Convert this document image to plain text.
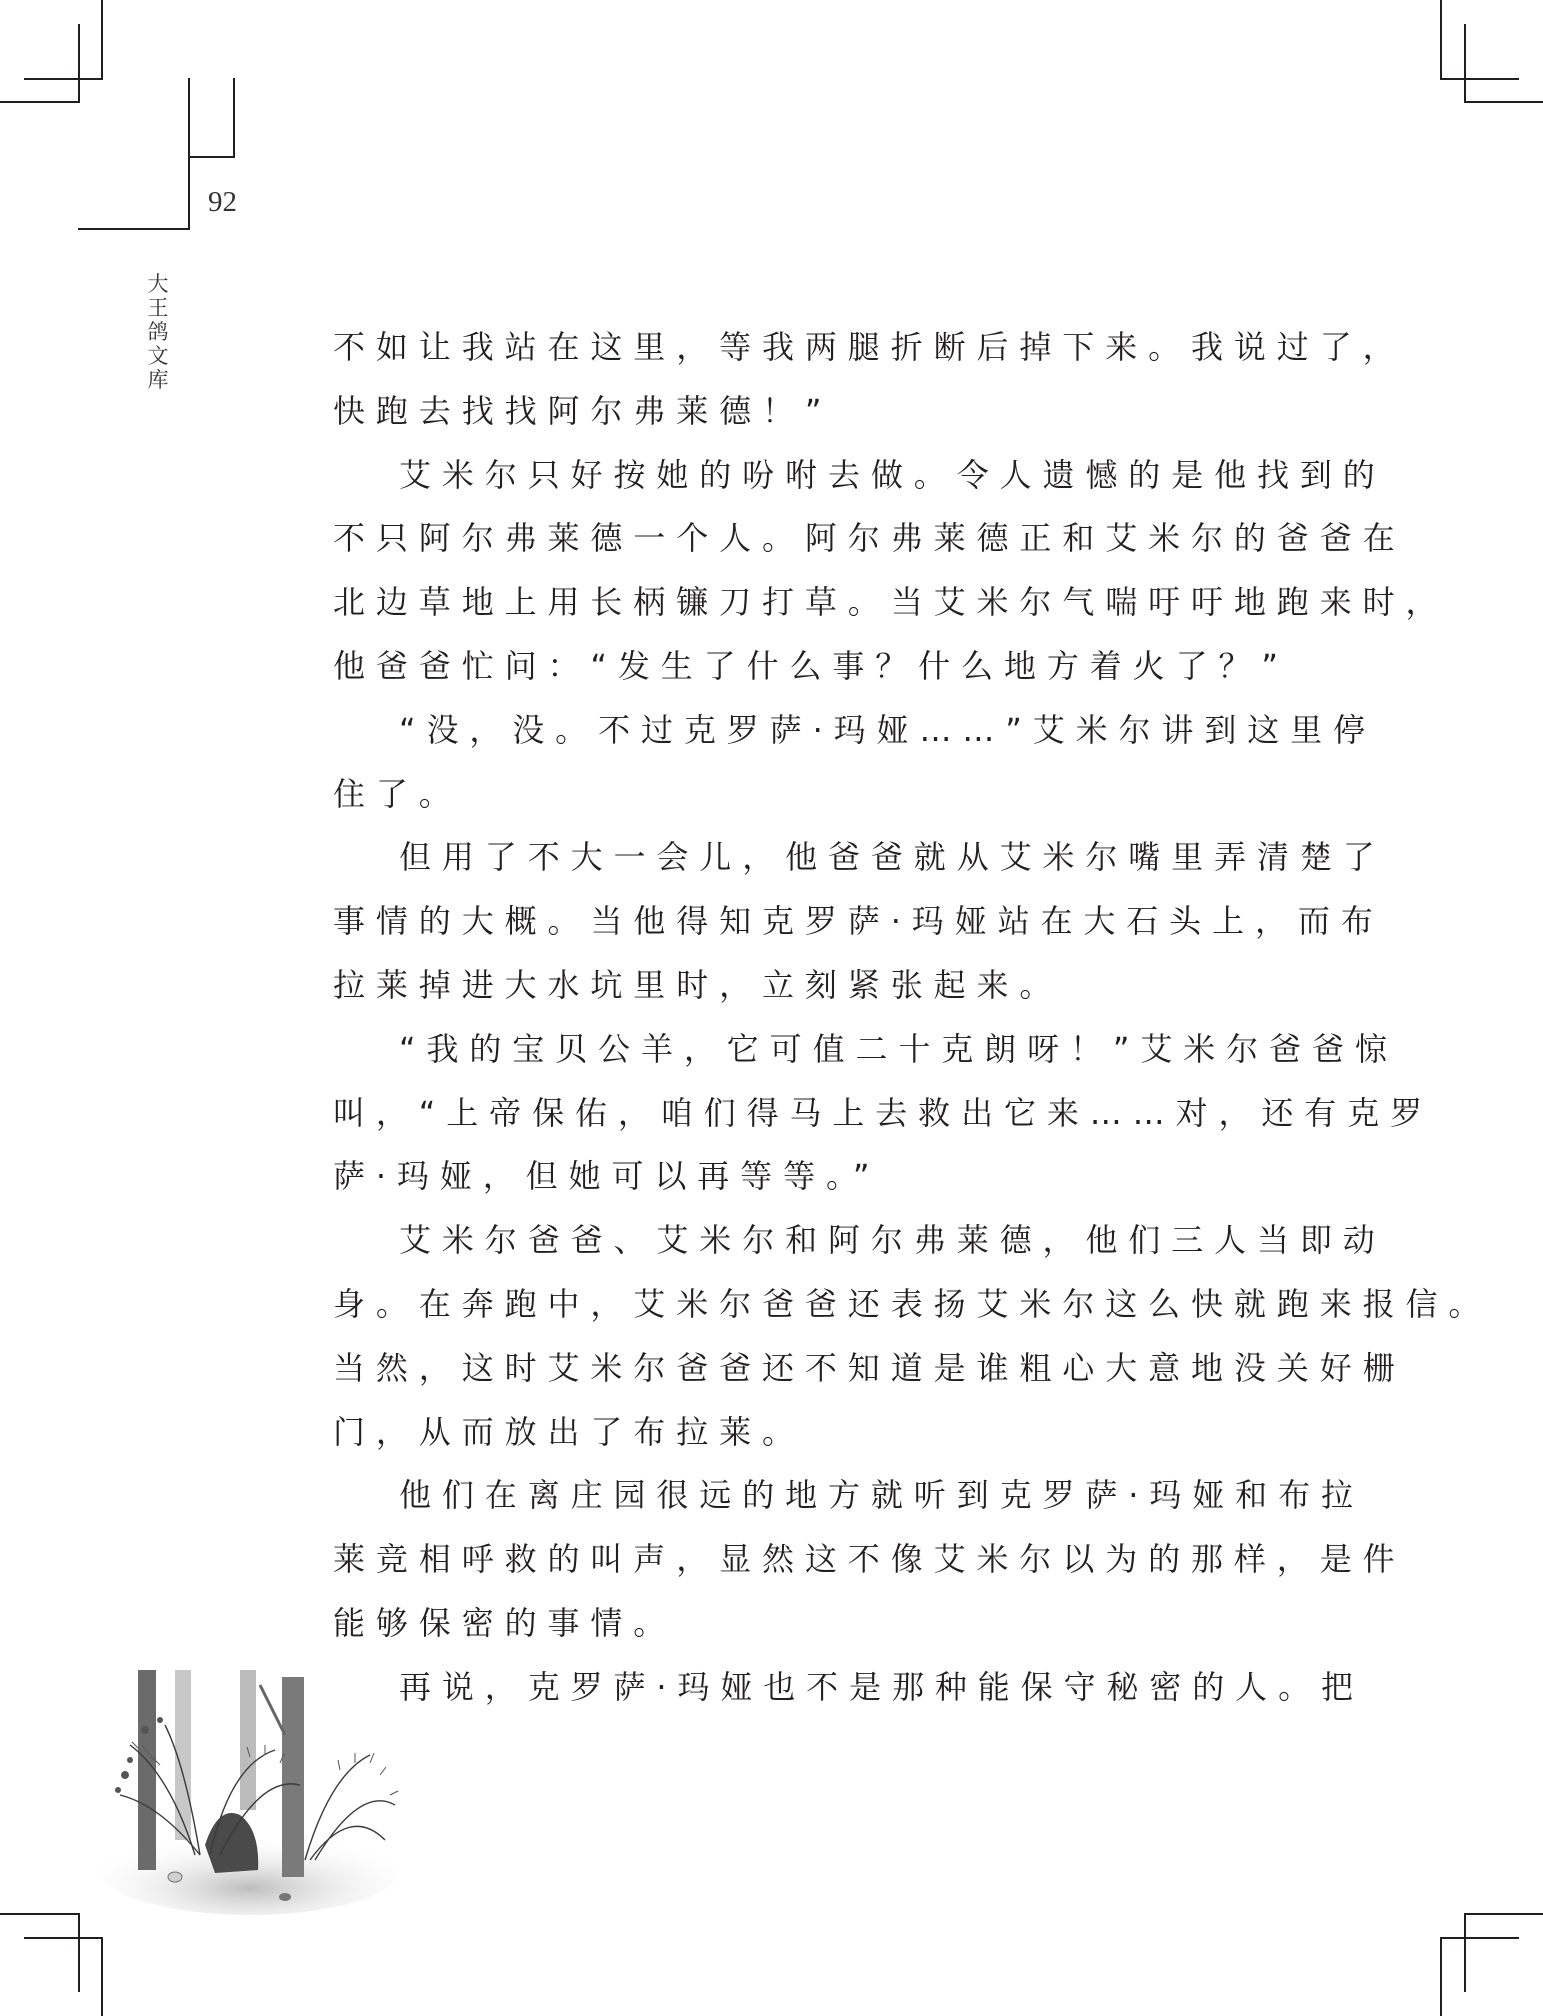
92
大
王
鸽
文
库
不如让我站在这里，等我两腿折断后掉下来。我说过了，
快跑去找找阿尔弗莱德！”
艾米尔只好按她的吩咐去做。令人遗憾的是他找到的
不只阿尔弗莱德一个人。阿尔弗莱德正和艾米尔的爸爸在
北边草地上用长柄镰刀打草。当艾米尔气喘吁吁地跑来时，
他爸爸忙问：“发生了什么事？什么地方着火了？”
“没，没。不过克罗萨·玛娅……”艾米尔讲到这里停
住了。
但用了不大一会儿，他爸爸就从艾米尔嘴里弄清楚了
事情的大概。当他得知克罗萨·玛娅站在大石头上，而布
拉莱掉进大水坑里时，立刻紧张起来。
“我的宝贝公羊，它可值二十克朗呀！”艾米尔爸爸惊
叫，“上帝保佑，咱们得马上去救出它来……对，还有克罗
萨·玛娅，但她可以再等等。”
艾米尔爸爸、艾米尔和阿尔弗莱德，他们三人当即动
身。在奔跑中，艾米尔爸爸还表扬艾米尔这么快就跑来报信。
当然，这时艾米尔爸爸还不知道是谁粗心大意地没关好栅
门，从而放出了布拉莱。
他们在离庄园很远的地方就听到克罗萨·玛娅和布拉
莱竞相呼救的叫声，显然这不像艾米尔以为的那样，是件
能够保密的事情。
再说，克罗萨·玛娅也不是那种能保守秘密的人。把
